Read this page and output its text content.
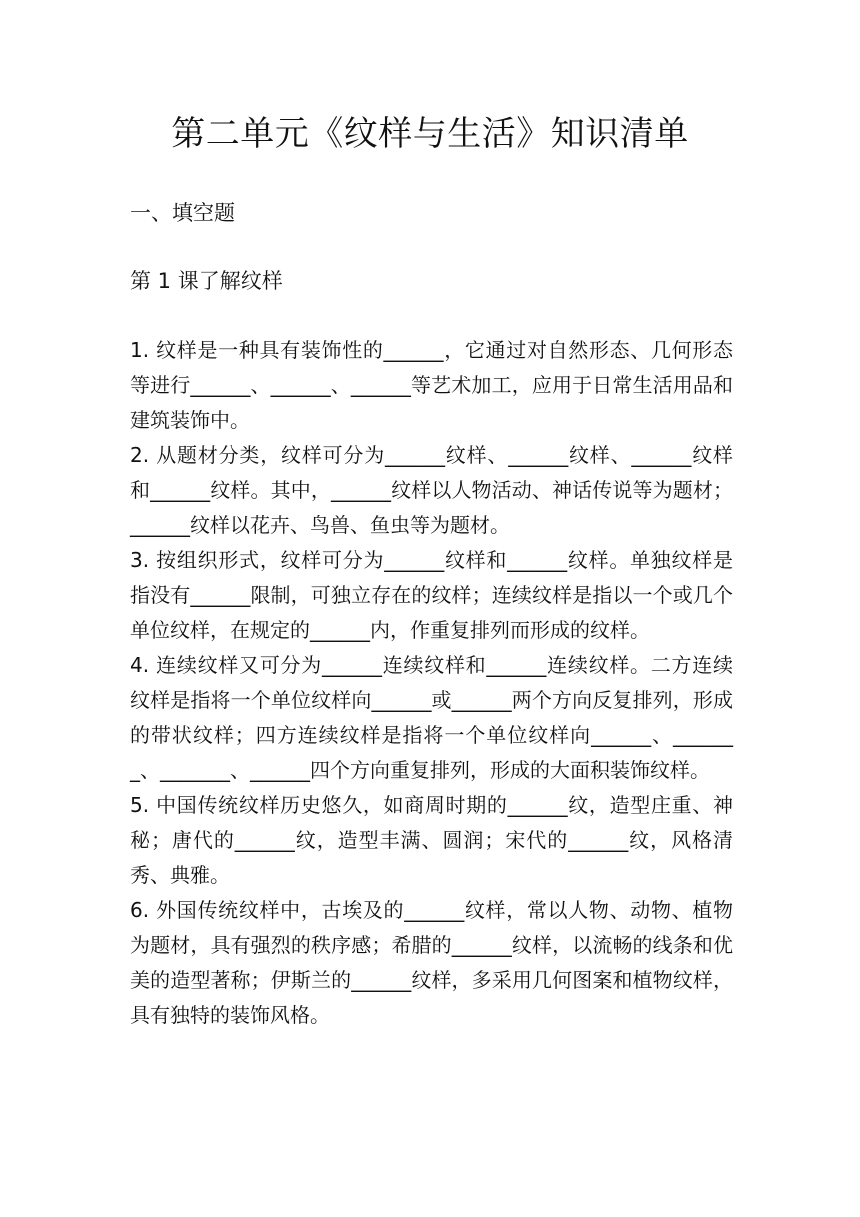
第二单元《纹样与生活》知识清单
一、填空题
第 1 课了解纹样
1. 纹样是一种具有装饰性的______，它通过对自然形态、几何形态等进行______、______、______等艺术加工，应用于日常生活用品和建筑装饰中。
2. 从题材分类，纹样可分为______纹样、______纹样、______纹样和______纹样。其中，______纹样以人物活动、神话传说等为题材；______纹样以花卉、鸟兽、鱼虫等为题材。
3. 按组织形式，纹样可分为______纹样和______纹样。单独纹样是指没有______限制，可独立存在的纹样；连续纹样是指以一个或几个单位纹样，在规定的______内，作重复排列而形成的纹样。
4. 连续纹样又可分为______连续纹样和______连续纹样。二方连续纹样是指将一个单位纹样向______或______两个方向反复排列，形成的带状纹样；四方连续纹样是指将一个单位纹样向______、_______、_______、______四个方向重复排列，形成的大面积装饰纹样。
5. 中国传统纹样历史悠久，如商周时期的______纹，造型庄重、神秘；唐代的______纹，造型丰满、圆润；宋代的______纹，风格清秀、典雅。
6. 外国传统纹样中，古埃及的______纹样，常以人物、动物、植物为题材，具有强烈的秩序感；希腊的______纹样，以流畅的线条和优美的造型著称；伊斯兰的______纹样，多采用几何图案和植物纹样，具有独特的装饰风格。
